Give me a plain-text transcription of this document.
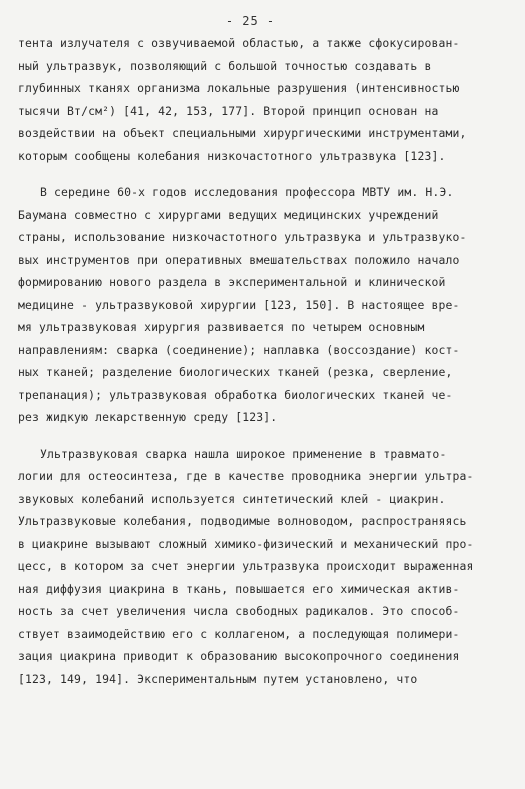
- 25 -
тента излучателя с озвучиваемой областью, а также сфокусирован-
ный ультразвук, позволяющий с большой точностью создавать в
глубинных тканях организма локальные разрушения (интенсивностью
тысячи Вт/см²) [41, 42, 153, 177]. Второй принцип основан на
воздействии на объект специальными хирургическими инструментами,
которым сообщены колебания низкочастотного ультразвука [123].
В середине 60-х годов исследования профессора МВТУ им. Н.Э.
Баумана совместно с хирургами ведущих медицинских учреждений
страны, использование низкочастотного ультразвука и ультразвуко-
вых инструментов при оперативных вмешательствах положило начало
формированию нового раздела в экспериментальной и клинической
медицине - ультразвуковой хирургии [123, 150]. В настоящее вре-
мя ультразвуковая хирургия развивается по четырем основным
направлениям: сварка (соединение); наплавка (воссоздание) кост-
ных тканей; разделение биологических тканей (резка, сверление,
трепанация); ультразвуковая обработка биологических тканей че-
рез жидкую лекарственную среду [123].
Ультразвуковая сварка нашла широкое применение в травмато-
логии для остеосинтеза, где в качестве проводника энергии ультра-
звуковых колебаний используется синтетический клей - циакрин.
Ультразвуковые колебания, подводимые волноводом, распространяясь
в циакрине вызывают сложный химико-физический и механический про-
цесс, в котором за счет энергии ультразвука происходит выраженная
ная диффузия циакрина в ткань, повышается его химическая актив-
ность за счет увеличения числа свободных радикалов. Это способ-
ствует взаимодействию его с коллагеном, а последующая полимери-
зация циакрина приводит к образованию высокопрочного соединения
[123, 149, 194]. Экспериментальным путем установлено, что
